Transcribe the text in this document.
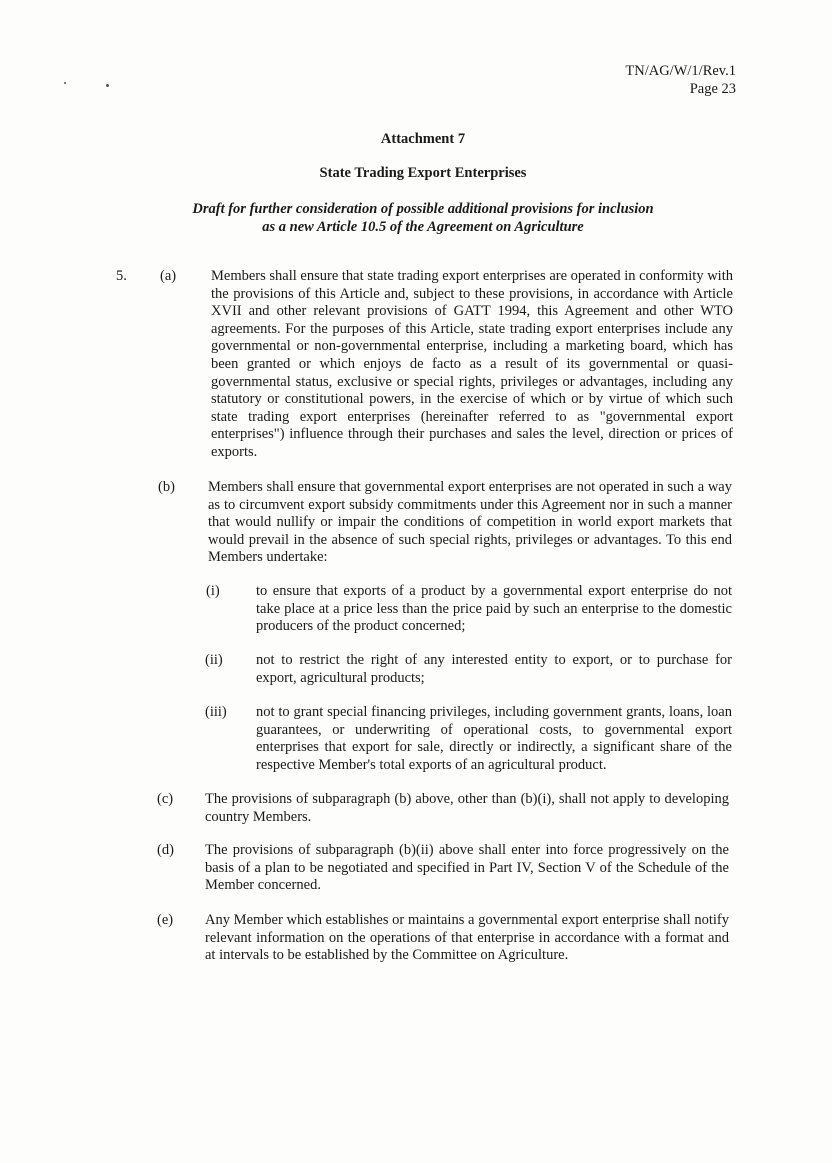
TN/AG/W/1/Rev.1
Page 23
Attachment 7
State Trading Export Enterprises
Draft for further consideration of possible additional provisions for inclusion
as a new Article 10.5 of the Agreement on Agriculture
5. (a) Members shall ensure that state trading export enterprises are operated in conformity with the provisions of this Article and, subject to these provisions, in accordance with Article XVII and other relevant provisions of GATT 1994, this Agreement and other WTO agreements. For the purposes of this Article, state trading export enterprises include any governmental or non-governmental enterprise, including a marketing board, which has been granted or which enjoys de facto as a result of its governmental or quasi-governmental status, exclusive or special rights, privileges or advantages, including any statutory or constitutional powers, in the exercise of which or by virtue of which such state trading export enterprises (hereinafter referred to as "governmental export enterprises") influence through their purchases and sales the level, direction or prices of exports.
(b) Members shall ensure that governmental export enterprises are not operated in such a way as to circumvent export subsidy commitments under this Agreement nor in such a manner that would nullify or impair the conditions of competition in world export markets that would prevail in the absence of such special rights, privileges or advantages. To this end Members undertake:
(i)	to ensure that exports of a product by a governmental export enterprise do not take place at a price less than the price paid by such an enterprise to the domestic producers of the product concerned;
(ii) not to restrict the right of any interested entity to export, or to purchase for export, agricultural products;
(iii) not to grant special financing privileges, including government grants, loans, loan guarantees, or underwriting of operational costs, to governmental export enterprises that export for sale, directly or indirectly, a significant share of the respective Member's total exports of an agricultural product.
(c) The provisions of subparagraph (b) above, other than (b)(i), shall not apply to developing country Members.
(d) The provisions of subparagraph (b)(ii) above shall enter into force progressively on the basis of a plan to be negotiated and specified in Part IV, Section V of the Schedule of the Member concerned.
(e) Any Member which establishes or maintains a governmental export enterprise shall notify relevant information on the operations of that enterprise in accordance with a format and at intervals to be established by the Committee on Agriculture.
